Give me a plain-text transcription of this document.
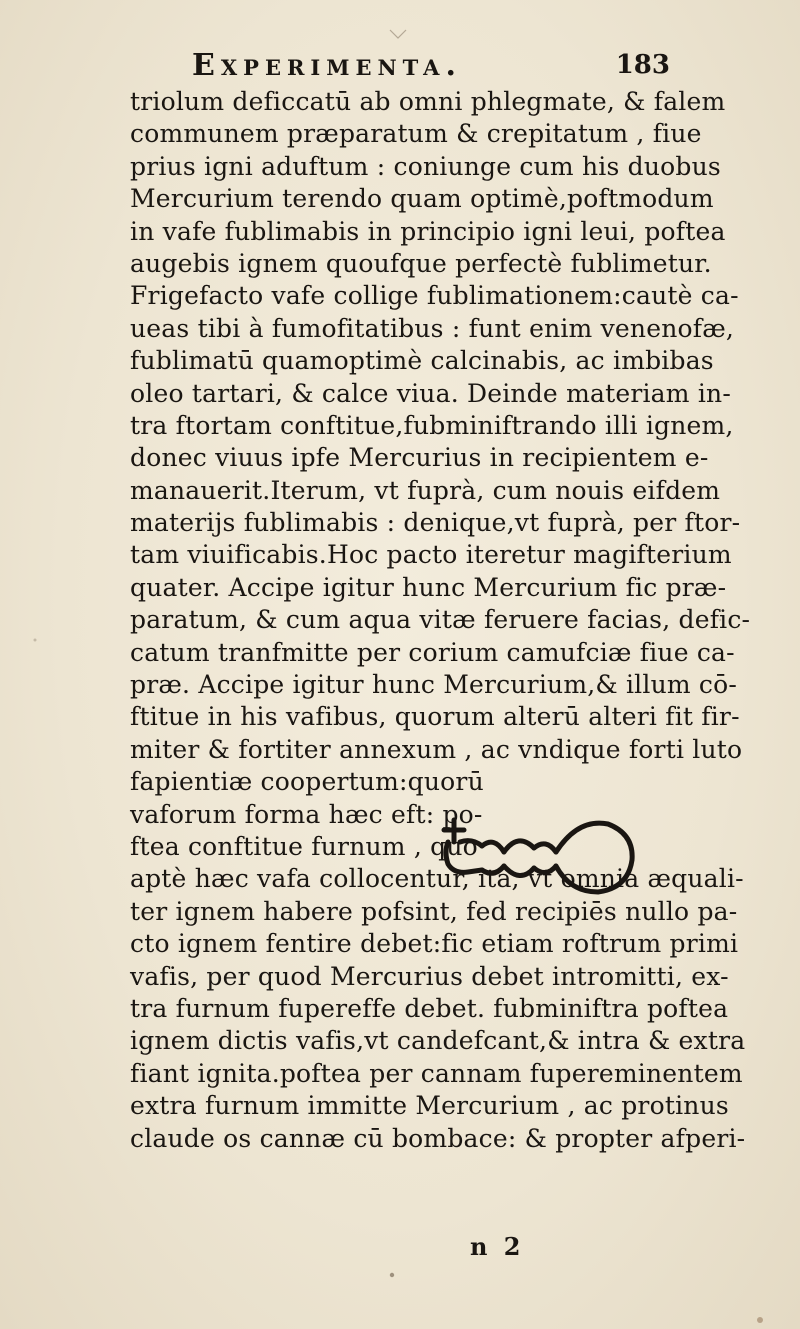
Experimenta.	183
triolum deficcatū ab omni phlegmate, & falem
communem præparatum & crepitatum , fiue
prius igni aduftum : coniunge cum his duobus
Mercurium terendo quam optimè,poftmodum
in vafe fublimabis in principio igni leui, poftea
augebis ignem quoufque perfectè fublimetur.
Frigefacto vafe collige fublimationem:cautè ca-
ueas tibi à fumofitatibus : funt enim venenofæ,
fublimatū quamoptimè calcinabis, ac imbibas
oleo tartari, & calce viua. Deinde materiam in-
tra ftortam conftitue,fubminiftrando illi ignem,
donec viuus ipfe Mercurius in recipientem e-
manauerit.Iterum, vt fuprà, cum nouis eifdem
materijs fublimabis : denique,vt fuprà, per ftor-
tam viuificabis.Hoc pacto iteretur magifterium
quater. Accipe igitur hunc Mercurium fic præ-
paratum, & cum aqua vitæ feruere facias, defic-
catum tranfmitte per corium camufciæ fiue ca-
præ. Accipe igitur hunc Mercurium,& illum cō-
ftitue in his vafibus, quorum alterū alteri fit fir-
miter & fortiter annexum , ac vndique forti luto
fapientiæ coopertum:quorū
vaforum forma hæc eft: po-
ftea conftitue furnum , quo
aptè hæc vafa collocentur, ita, vt omnia æquali-
ter ignem habere pofsint, fed recipiēs nullo pa-
cto ignem fentire debet:fic etiam roftrum primi
vafis, per quod Mercurius debet intromitti, ex-
tra furnum fupereffe debet. fubminiftra poftea
ignem dictis vafis,vt candefcant,& intra & extra
fiant ignita.poftea per cannam fupereminentem
extra furnum immitte Mercurium , ac protinus
claude os cannæ cū bombace: & propter afperi-
n 2
